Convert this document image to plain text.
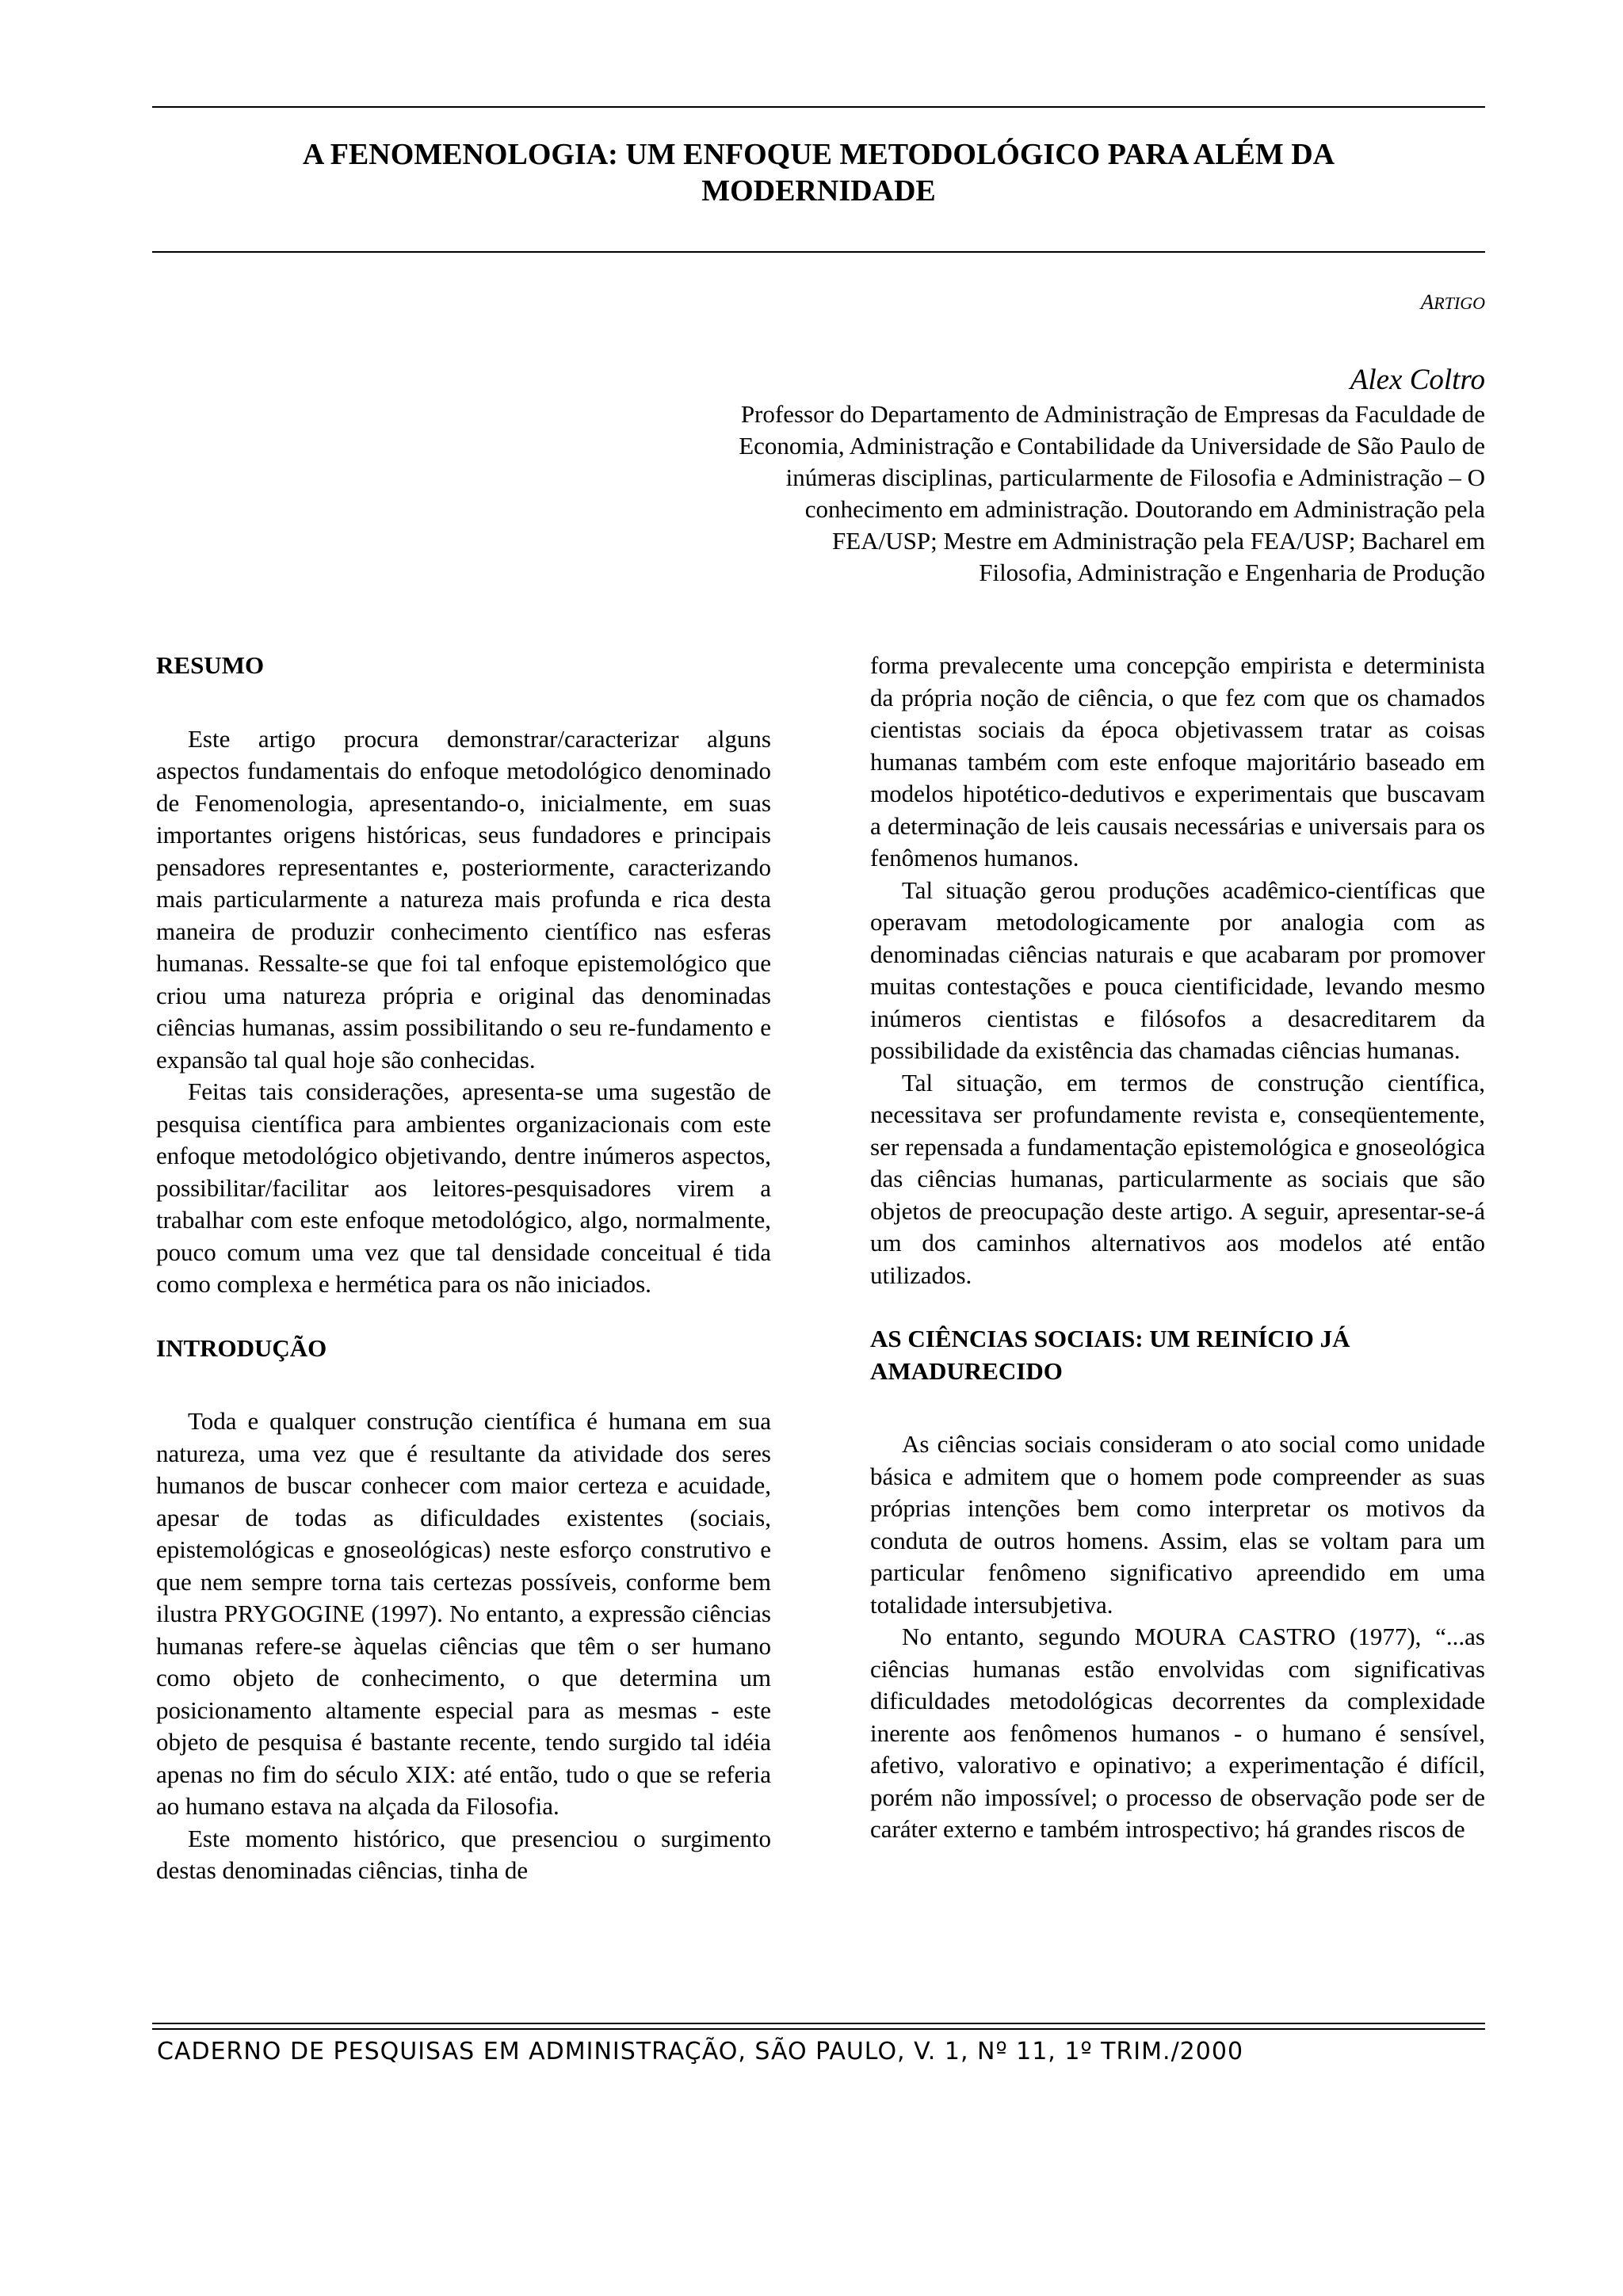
A FENOMENOLOGIA: UM ENFOQUE METODOLÓGICO PARA ALÉM DA
MODERNIDADE
ARTIGO
Alex Coltro
Professor do Departamento de Administração de Empresas da Faculdade de
Economia, Administração e Contabilidade da Universidade de São Paulo de
inúmeras disciplinas, particularmente de Filosofia e Administração – O
conhecimento em administração. Doutorando em Administração pela
FEA/USP; Mestre em Administração pela FEA/USP; Bacharel em
Filosofia, Administração e Engenharia de Produção
RESUMO

Este artigo procura demonstrar/caracterizar alguns aspectos fundamentais do enfoque metodológico denominado de Fenomenologia, apresentando-o, inicialmente, em suas importantes origens históricas, seus fundadores e principais pensadores representantes e, posteriormente, caracterizando mais particularmente a natureza mais profunda e rica desta maneira de produzir conhecimento científico nas esferas humanas. Ressalte-se que foi tal enfoque epistemológico que criou uma natureza própria e original das denominadas ciências humanas, assim possibilitando o seu re-fundamento e expansão tal qual hoje são conhecidas.

Feitas tais considerações, apresenta-se uma sugestão de pesquisa científica para ambientes organizacionais com este enfoque metodológico objetivando, dentre inúmeros aspectos, possibilitar/facilitar aos leitores-pesquisadores virem a trabalhar com este enfoque metodológico, algo, normalmente, pouco comum uma vez que tal densidade conceitual é tida como complexa e hermética para os não iniciados.

INTRODUÇÃO

Toda e qualquer construção científica é humana em sua natureza, uma vez que é resultante da atividade dos seres humanos de buscar conhecer com maior certeza e acuidade, apesar de todas as dificuldades existentes (sociais, epistemológicas e gnoseológicas) neste esforço construtivo e que nem sempre torna tais certezas possíveis, conforme bem ilustra PRYGOGINE (1997). No entanto, a expressão ciências humanas refere-se àquelas ciências que têm o ser humano como objeto de conhecimento, o que determina um posicionamento altamente especial para as mesmas - este objeto de pesquisa é bastante recente, tendo surgido tal idéia apenas no fim do século XIX: até então, tudo o que se referia ao humano estava na alçada da Filosofia.

Este momento histórico, que presenciou o surgimento destas denominadas ciências, tinha de

forma prevalecente uma concepção empirista e determinista da própria noção de ciência, o que fez com que os chamados cientistas sociais da época objetivassem tratar as coisas humanas também com este enfoque majoritário baseado em modelos hipotético-dedutivos e experimentais que buscavam a determinação de leis causais necessárias e universais para os fenômenos humanos.

Tal situação gerou produções acadêmico-científicas que operavam metodologicamente por analogia com as denominadas ciências naturais e que acabaram por promover muitas contestações e pouca cientificidade, levando mesmo inúmeros cientistas e filósofos a desacreditarem da possibilidade da existência das chamadas ciências humanas.

Tal situação, em termos de construção científica, necessitava ser profundamente revista e, conseqüentemente, ser repensada a fundamentação epistemológica e gnoseológica das ciências humanas, particularmente as sociais que são objetos de preocupação deste artigo. A seguir, apresentar-se-á um dos caminhos alternativos aos modelos até então utilizados.

AS CIÊNCIAS SOCIAIS: UM REINÍCIO JÁ AMADURECIDO

As ciências sociais consideram o ato social como unidade básica e admitem que o homem pode compreender as suas próprias intenções bem como interpretar os motivos da conduta de outros homens. Assim, elas se voltam para um particular fenômeno significativo apreendido em uma totalidade intersubjetiva.

No entanto, segundo MOURA CASTRO (1977), “...as ciências humanas estão envolvidas com significativas dificuldades metodológicas decorrentes da complexidade inerente aos fenômenos humanos - o humano é sensível, afetivo, valorativo e opinativo; a experimentação é difícil, porém não impossível; o processo de observação pode ser de caráter externo e também introspectivo; há grandes riscos de

CADERNO DE PESQUISAS EM ADMINISTRAÇÃO, SÃO PAULO, V. 1, Nº 11, 1º TRIM./2000
